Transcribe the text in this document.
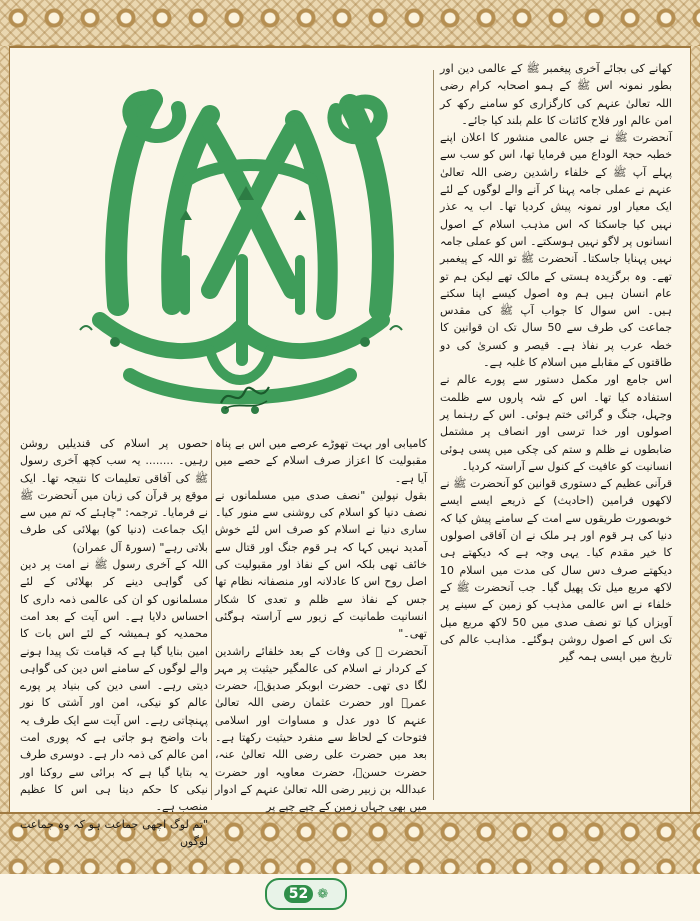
کھانے کی بجائے آخری پیغمبر ﷺ کے عالمی دین اور بطور نمونہ اس ﷺ کے ہمو اصحابہ کرام رضی اللہ تعالیٰ عنہم کی کارگزاری کو سامنے رکھ کر امن عالم اور فلاح کائنات کا علم بلند کیا جائے۔

آنحضرت ﷺ نے جس عالمی منشور کا اعلان اپنے خطبہ حجۃ الوداع میں فرمایا تھا، اس کو سب سے پہلے آپ ﷺ کے خلفاء راشدین رضی اللہ تعالیٰ عنہم نے عملی جامہ پہنا کر آنے والے لوگوں کے لئے ایک معیار اور نمونہ پیش کردیا تھا۔ اب یہ عذر نہیں کیا جاسکتا کہ اس مذہب اسلام کے اصول انسانوں پر لاگو نہیں ہوسکتے۔ اس کو عملی جامہ نہیں پہنایا جاسکتا۔ آنحضرت ﷺ تو اللہ کے پیغمبر تھے۔ وہ برگزیدہ ہستی کے مالک تھے لیکن ہم تو عام انسان ہیں ہم وہ اصول کیسے اپنا سکتے ہیں۔ اس سوال کا جواب آپ ﷺ کی مقدس جماعت کی طرف سے 50 سال تک ان قوانین کا خطہ عرب پر نفاذ ہے۔ قیصر و کسریٰ کی دو طاقتوں کے مقابلے میں اسلام کا غلبہ ہے۔

اس جامع اور مکمل دستور سے پورے عالم نے استفادہ کیا تھا۔ اس کے شہ پاروں سے ظلمت وجہل، جنگ و گرائی ختم ہوئی۔ اس کے رہنما پر اصولوں اور خدا ترسی اور انصاف پر مشتمل ضابطوں نے ظلم و ستم کی چکی میں پسی ہوئی انسانیت کو عافیت کے کنول سے آراستہ کردیا۔

قرآنی عظیم کے دستوری قوانین کو آنحضرت ﷺ نے لاکھوں فرامین (احادیث) کے ذریعے ایسے ایسے خوبصورت طریقوں سے امت کے سامنے پیش کیا کہ دنیا کی ہر قوم اور ہر ملک نے ان آفاقی اصولوں کا خیر مقدم کیا۔ یہی وجہ ہے کہ دیکھتے ہی دیکھتے صرف دس سال کی مدت میں اسلام 10 لاکھ مربع میل تک پھیل گیا۔ جب آنحضرت ﷺ کے خلفاء نے اس عالمی مذہب کو زمین کے سینے پر آویزاں کیا تو نصف صدی میں 50 لاکھ مربع میل تک اس کے اصول روشن ہوگئے۔ مذاہب عالم کی تاریخ میں ایسی ہمہ گیر

کامیابی اور بہت تھوڑے عرصے میں اس بے پناہ مقبولیت کا اعزاز صرف اسلام کے حصے میں آیا ہے۔

بقول نپولین "نصف صدی میں مسلمانوں نے نصف دنیا کو اسلام کی روشنی سے منور کیا۔ ساری دنیا نے اسلام کو صرف اس لئے خوش آمدید نہیں کہا کہ ہر قوم جنگ اور قتال سے خائف تھی بلکہ اس کے نفاذ اور مقبولیت کی اصل روح اس کا عادلانہ اور منصفانہ نظام تھا جس کے نفاذ سے ظلم و تعدی کا شکار انسانیت طمانیت کے زیور سے آراستہ ہوگئی تھی۔"

آنحضرت ﷺ کی وفات کے بعد خلفائے راشدین کے کردار نے اسلام کی عالمگیر حیثیت پر مہر لگا دی تھی۔ حضرت ابوبکر صدیقؓ، حضرت عمرؓ اور حضرت عثمان رضی اللہ تعالیٰ عنہم کا دور عدل و مساوات اور اسلامی فتوحات کے لحاظ سے منفرد حیثیت رکھتا ہے۔ بعد میں حضرت علی رضی اللہ تعالیٰ عنہ، حضرت حسنؓ، حضرت معاویہ اور حضرت عبداللہ بن زبیر رضی اللہ تعالیٰ عنہم کے ادوار میں بھی جہاں زمین کے چپے چپے پر

حصوں پر اسلام کی قندیلیں روشن رہیں۔ ........ یہ سب کچھ آخری رسول ﷺ کی آفاقی تعلیمات کا نتیجہ تھا۔ ایک موقع پر قرآن کی زبان میں آنحضرت ﷺ نے فرمایا۔ ترجمہ: "چاہئے کہ تم میں سے ایک جماعت (دنیا کو) بھلائی کی طرف بلاتی رہے" (سورۃ آل عمران)

اللہ کے آخری رسول ﷺ نے امت پر دین کی گواہی دینے کر بھلائی کے لئے مسلمانوں کو ان کی عالمی ذمہ داری کا احساس دلایا ہے۔ اس آیت کے بعد امت محمدیہ کو ہمیشہ کے لئے اس بات کا امین بنایا گیا ہے کہ قیامت تک پیدا ہونے والے لوگوں کے سامنے اس دین کی گواہی دیتی رہے۔ اسی دین کی بنیاد پر پورے عالم کو نیکی، امن اور آشتی کا نور پہنچاتی رہے۔ اس آیت سے ایک طرف یہ بات واضح ہو جاتی ہے کہ پوری امت امن عالم کی ذمہ دار ہے۔ دوسری طرف یہ بتایا گیا ہے کہ برائی سے روکنا اور نیکی کا حکم دینا ہی اس کا عظیم منصب ہے۔

"تم لوگ اچھی جماعت ہو کہ وہ جماعت لوگوں

52 ❁
